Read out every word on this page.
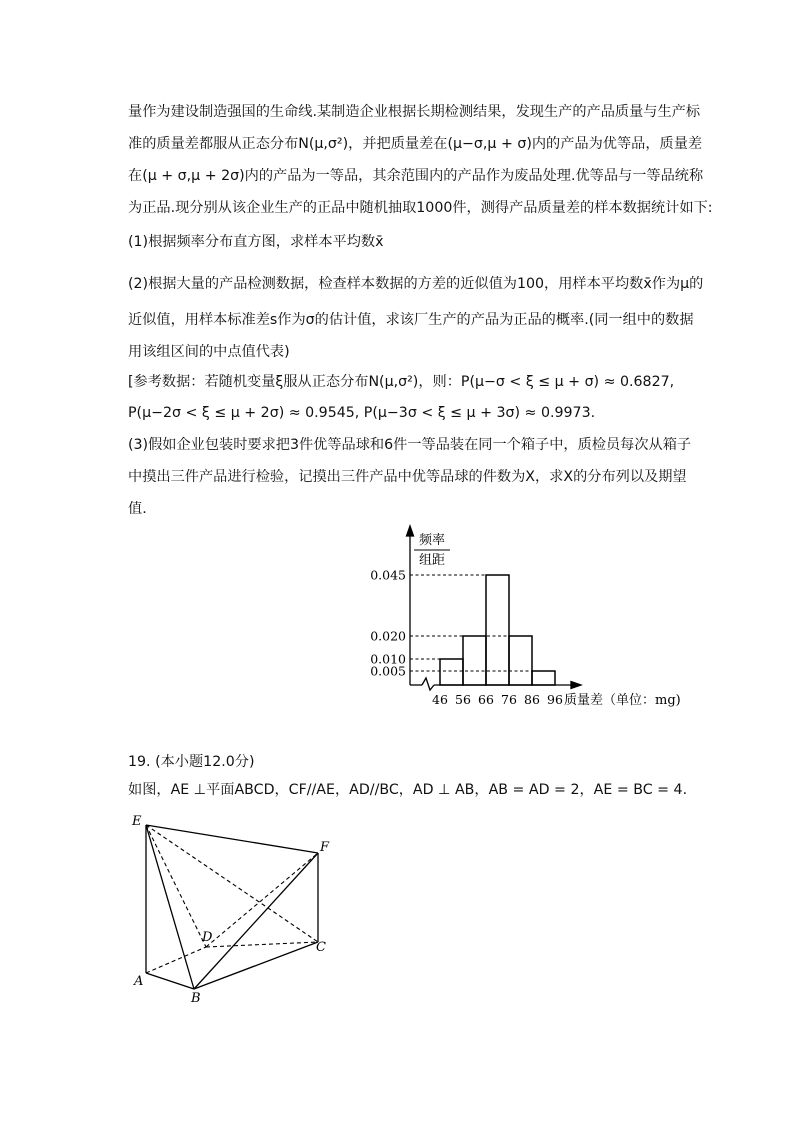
量作为建设制造强国的生命线.某制造企业根据长期检测结果，发现生产的产品质量与生产标
准的质量差都服从正态分布N(μ,σ²)，并把质量差在(μ−σ,μ + σ)内的产品为优等品，质量差
在(μ + σ,μ + 2σ)内的产品为一等品，其余范围内的产品作为废品处理.优等品与一等品统称
为正品.现分别从该企业生产的正品中随机抽取1000件，测得产品质量差的样本数据统计如下:
(1)根据频率分布直方图，求样本平均数x̄
(2)根据大量的产品检测数据，检查样本数据的方差的近似值为100，用样本平均数x̄作为μ的
近似值，用样本标准差s作为σ的估计值，求该厂生产的产品为正品的概率.(同一组中的数据
用该组区间的中点值代表)
[参考数据：若随机变量ξ服从正态分布N(μ,σ²)，则：P(μ−σ < ξ ≤ μ + σ) ≈ 0.6827,
P(μ−2σ < ξ ≤ μ + 2σ) ≈ 0.9545, P(μ−3σ < ξ ≤ μ + 3σ) ≈ 0.9973.
(3)假如企业包装时要求把3件优等品球和6件一等品装在同一个箱子中，质检员每次从箱子
中摸出三件产品进行检验，记摸出三件产品中优等品球的件数为X，求X的分布列以及期望
值.
频率
组距
质量差（单位：mg)
0.045
0.020
0.010
0.005
46 56 66 76 86 96
19. (本小题12.0分)
如图，AE ⊥平面ABCD，CF//AE，AD//BC，AD ⊥ AB，AB = AD = 2，AE = BC = 4.
E
F
D
C
A
B
